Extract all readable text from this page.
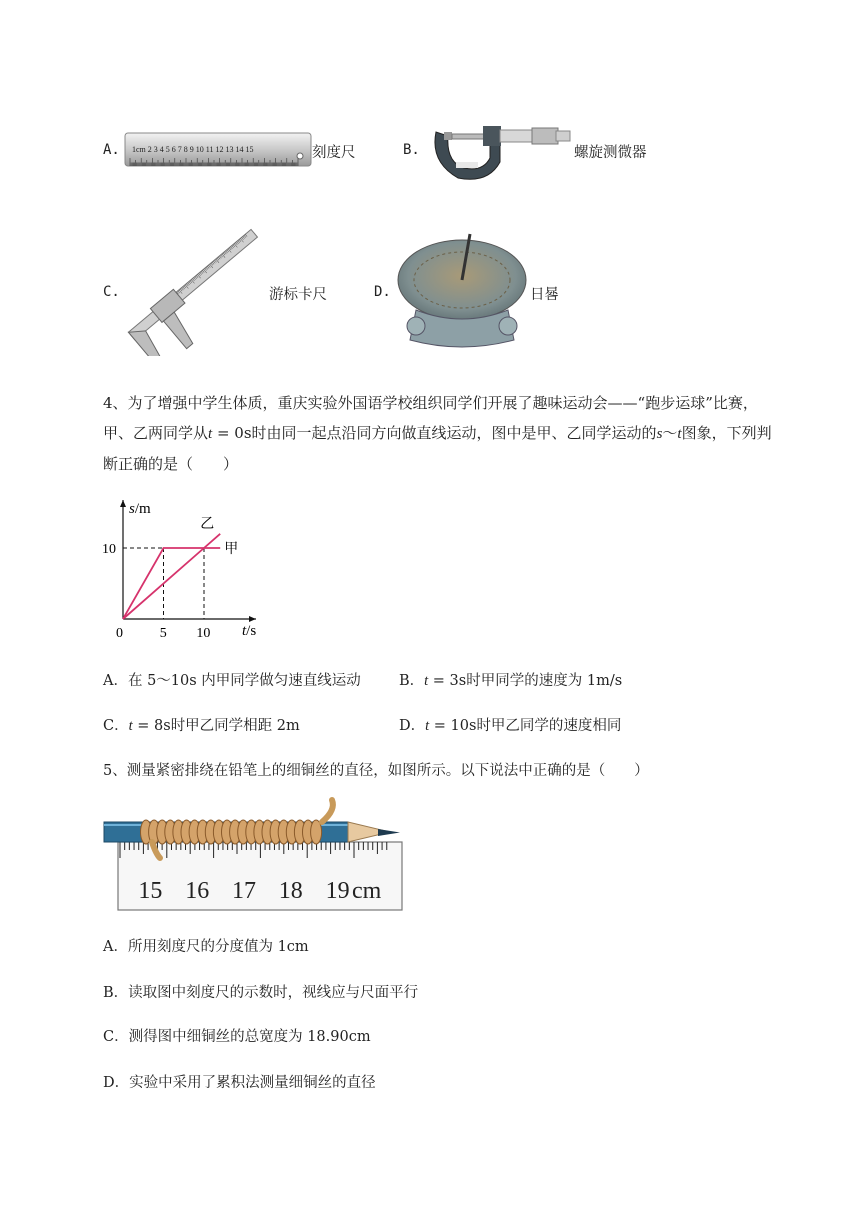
A. 1cm 2 3 4 5 6 7 8 9 10 11 12 13 14 15	刻度尺	B.	螺旋测微器
C.	游标卡尺	D.	日晷
4、为了增强中学生体质，重庆实验外国语学校组织同学们开展了趣味运动会——“跑步运球”比赛，
甲、乙两同学从t = 0s时由同一起点沿同方向做直线运动，图中是甲、乙同学运动的s～t图象，下列判
断正确的是（　　）
s/m
t/s
甲
乙
10
0	5 10
A．在 5～10s 内甲同学做匀速直线运动	B．t = 3s时甲同学的速度为 1m/s
C．t = 8s时甲乙同学相距 2m	D．t = 10s时甲乙同学的速度相同
5、测量紧密排绕在铅笔上的细铜丝的直径，如图所示。以下说法中正确的是（　　）
15 16 17 18 19 cm
A．所用刻度尺的分度值为 1cm
B．读取图中刻度尺的示数时，视线应与尺面平行
C．测得图中细铜丝的总宽度为 18.90cm
D．实验中采用了累积法测量细铜丝的直径
